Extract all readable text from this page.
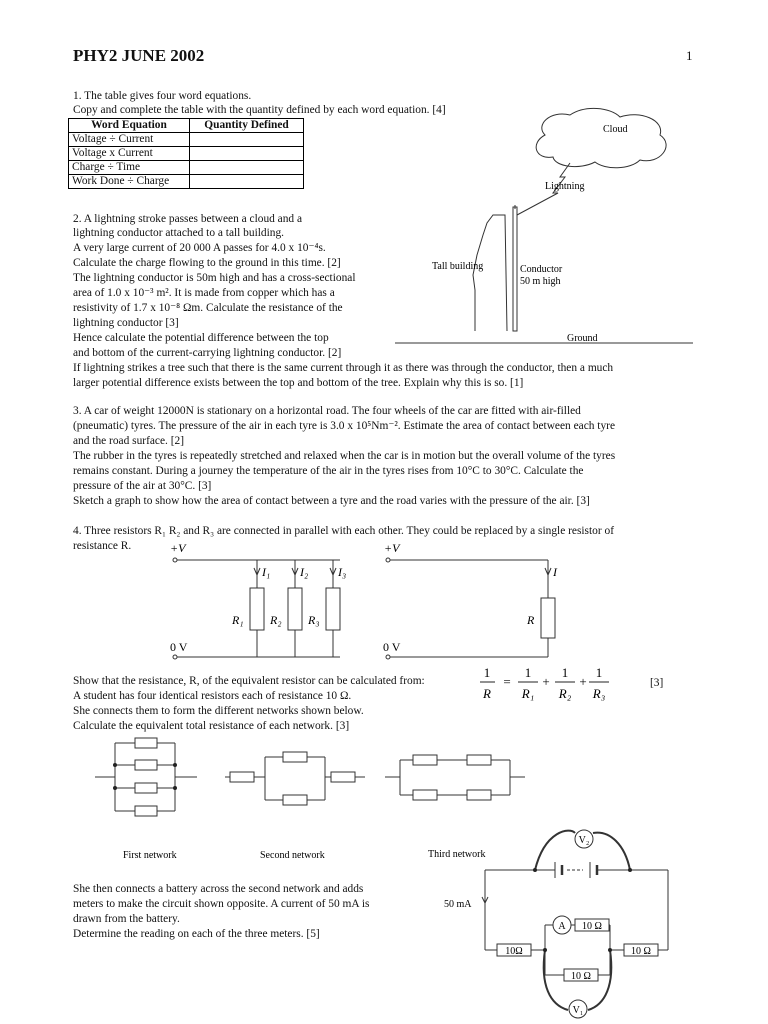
PHY2 JUNE 2002	1
1. The table gives four word equations.
Copy and complete the table with the quantity defined by each word equation. [4]
Word Equation	Quantity Defined
Voltage ÷ Current	
Voltage x Current	
Charge ÷ Time	
Work Done ÷ Charge	
Cloud
Lightning
Tall building	Conductor
50 m high
Ground
2. A lightning stroke passes between a cloud and a
lightning conductor attached to a tall building.
A very large current of 20 000 A passes for 4.0 x 10⁻⁴s.
Calculate the charge flowing to the ground in this time. [2]
The lightning conductor is 50m high and has a cross-sectional
area of 1.0 x 10⁻³ m². It is made from copper which has a
resistivity of 1.7 x 10⁻⁸ Ωm. Calculate the resistance of the
lightning conductor [3]
Hence calculate the potential difference between the top
and bottom of the current-carrying lightning conductor. [2]
If lightning strikes a tree such that there is the same current through it as there was through the conductor, then a much
larger potential difference exists between the top and bottom of the tree. Explain why this is so. [1]
3. A car of weight 12000N is stationary on a horizontal road. The four wheels of the car are fitted with air-filled
(pneumatic) tyres. The pressure of the air in each tyre is 3.0 x 10⁵Nm⁻². Estimate the area of contact between each tyre
and the road surface. [2]
The rubber in the tyres is repeatedly stretched and relaxed when the car is in motion but the overall volume of the tyres
remains constant. During a journey the temperature of the air in the tyres rises from 10°C to 30°C. Calculate the
pressure of the air at 30°C. [3]
Sketch a graph to show how the area of contact between a tyre and the road varies with the pressure of the air. [3]
4. Three resistors R₁ R₂ and R₃ are connected in parallel with each other. They could be replaced by a single resistor of
resistance R.	+V
I₁ I₂ I₃
R₁ R₂ R₃
0 V
+V
I
R
0 V
Show that the resistance, R, of the equivalent resistor can be calculated from:
A student has four identical resistors each of resistance 10 Ω.
She connects them to form the different networks shown below.
Calculate the equivalent total resistance of each network. [3]
[3]
1
R
=
1
R₁
+
1
R₂
+
1
R₃
First network	Second network	Third network
She then connects a battery across the second network and adds
meters to make the circuit shown opposite. A current of 50 mA is
drawn from the battery.
Determine the reading on each of the three meters. [5]
V₂
A 10 Ω
10Ω
10 Ω
10 Ω
V₁
50 mA
